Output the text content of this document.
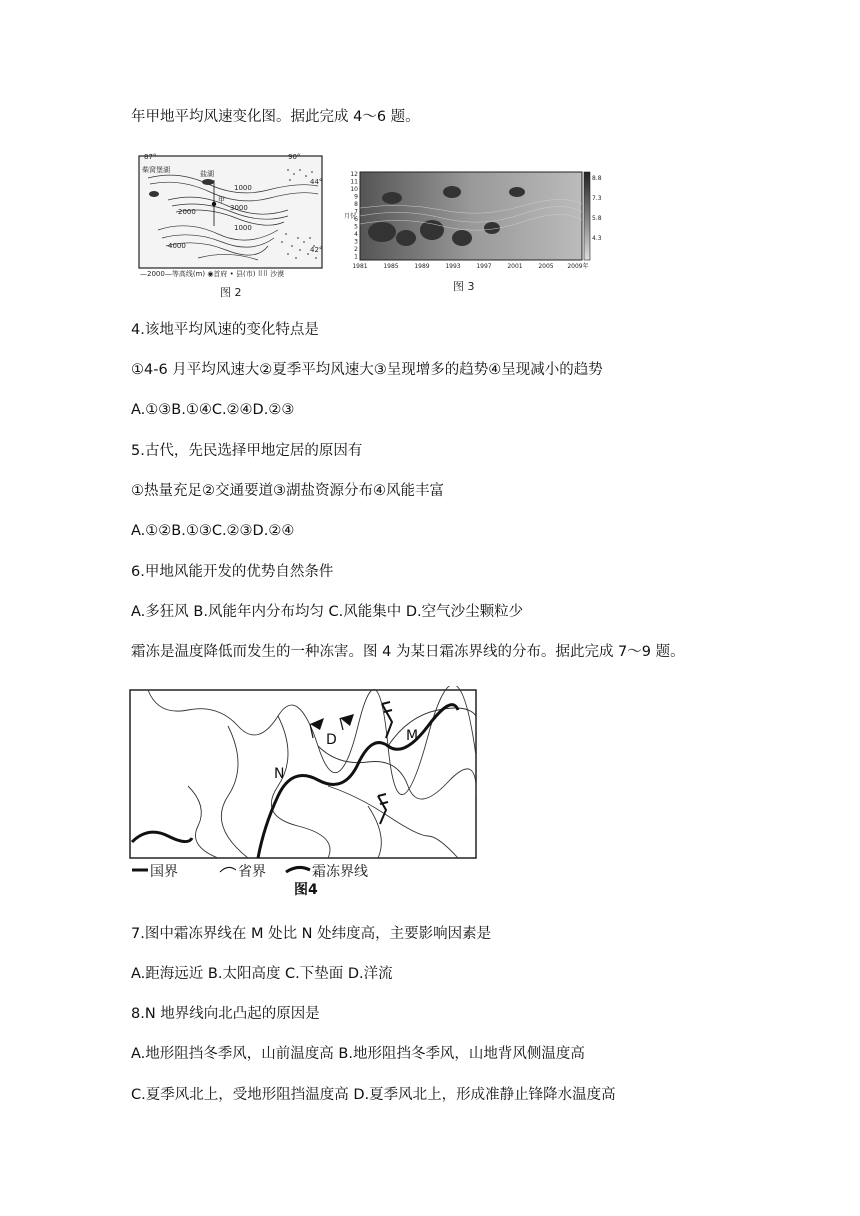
年甲地平均风速变化图。据此完成 4～6 题。
87°	90°
44°
42°
柴窝堡湖	盐湖
甲
1000
1000
2000	3000
4000
—2000—等高线(m) ◉首府 • 县(市) ⠿⠿ 沙漠
图 2
8.8
7.3
5.8
4.3
12
11
10
9
8
7
6
5
4
3
2
1
月份
1981	1985	1989	1993	1997	2001	2005 2009年
图 3
4.该地平均风速的变化特点是
①4-6 月平均风速大②夏季平均风速大③呈现增多的趋势④呈现减小的趋势
A.①③B.①④C.②④D.②③
5.古代，先民选择甲地定居的原因有
①热量充足②交通要道③湖盐资源分布④风能丰富
A.①②B.①③C.②③D.②④
6.甲地风能开发的优势自然条件
A.多狂风 B.风能年内分布均匀 C.风能集中 D.空气沙尘颗粒少
霜冻是温度降低而发生的一种冻害。图 4 为某日霜冻界线的分布。据此完成 7～9 题。
D	M
N
国界	省界	霜冻界线
图4
7.图中霜冻界线在 M 处比 N 处纬度高，主要影响因素是
A.距海远近 B.太阳高度 C.下垫面 D.洋流
8.N 地界线向北凸起的原因是
A.地形阻挡冬季风，山前温度高 B.地形阻挡冬季风，山地背风侧温度高
C.夏季风北上，受地形阻挡温度高 D.夏季风北上，形成准静止锋降水温度高
